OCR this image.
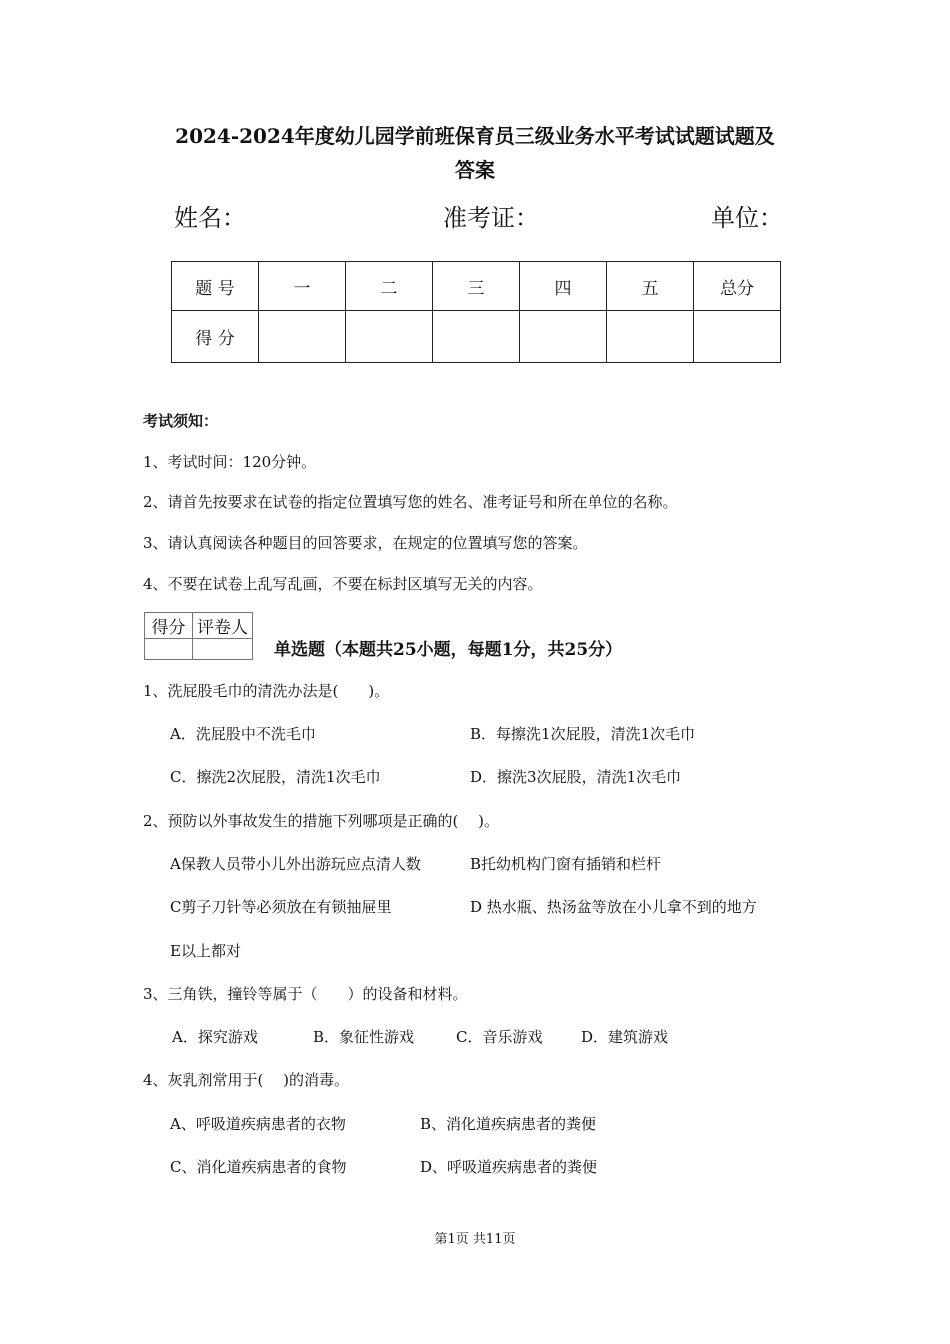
2024-2024年度幼儿园学前班保育员三级业务水平考试试题试题及
答案
姓名：	准考证：	单位：
题 号	一	二	三	四	五	总分
得 分						
考试须知：
1、考试时间：120分钟。
2、请首先按要求在试卷的指定位置填写您的姓名、准考证号和所在单位的名称。
3、请认真阅读各种题目的回答要求，在规定的位置填写您的答案。
4、不要在试卷上乱写乱画，不要在标封区填写无关的内容。
得分	评卷人

单选题（本题共25小题，每题1分，共25分）
1、洗屁股毛巾的清洗办法是(　　)。
A．洗屁股中不洗毛巾	B．每擦洗1次屁股，清洗1次毛巾
C．擦洗2次屁股，清洗1次毛巾	D．擦洗3次屁股，清洗1次毛巾
2、预防以外事故发生的措施下列哪项是正确的(　 )。
A保教人员带小儿外出游玩应点清人数	B托幼机构门窗有插销和栏杆
C剪子刀针等必须放在有锁抽屉里	D 热水瓶、热汤盆等放在小儿拿不到的地方
E以上都对
3、三角铁，撞铃等属于（　　）的设备和材料。
A．探究游戏	B．象征性游戏	C．音乐游戏	D．建筑游戏
4、灰乳剂常用于(　 )的消毒。
A、呼吸道疾病患者的衣物	B、消化道疾病患者的粪便
C、消化道疾病患者的食物	D、呼吸道疾病患者的粪便
第1页 共11页
